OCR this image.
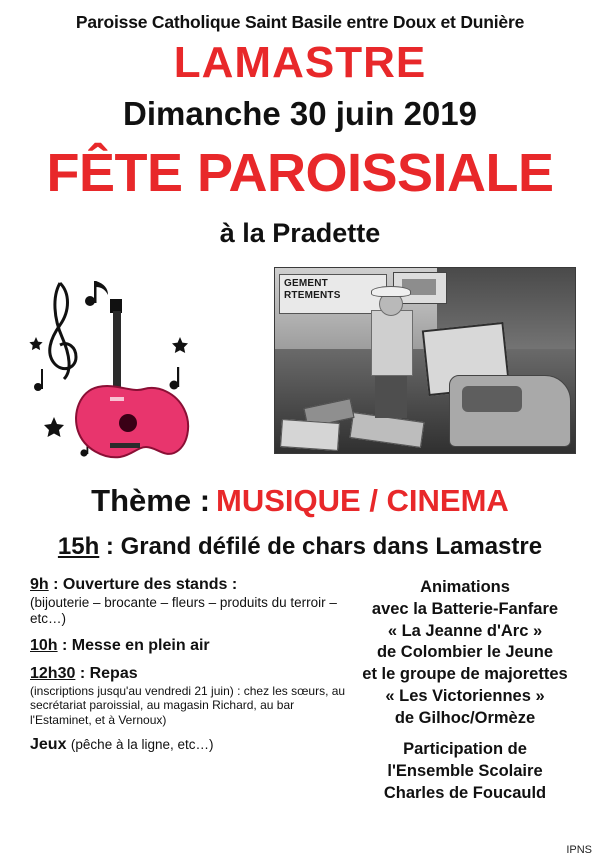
Paroisse Catholique Saint Basile entre Doux et Dunière
LAMASTRE
Dimanche 30 juin 2019
FÊTE PAROISSIALE
à la Pradette
GEMENT RTEMENTS
Thème : MUSIQUE / CINEMA
15h : Grand défilé de chars dans Lamastre
9h : Ouverture des stands :
(bijouterie – brocante – fleurs – produits du terroir – etc…)
10h : Messe en plein air
12h30 : Repas
(inscriptions jusqu'au vendredi 21 juin) : chez les sœurs, au secrétariat paroissial, au magasin Richard, au bar l'Estaminet, et à Vernoux)
Jeux (pêche à la ligne, etc…)
Animations
avec la Batterie-Fanfare
« La Jeanne d'Arc »
de Colombier le Jeune
et le groupe de majorettes
« Les Victoriennes »
de Gilhoc/Ormèze
Participation de
l'Ensemble Scolaire
Charles de Foucauld
IPNS
